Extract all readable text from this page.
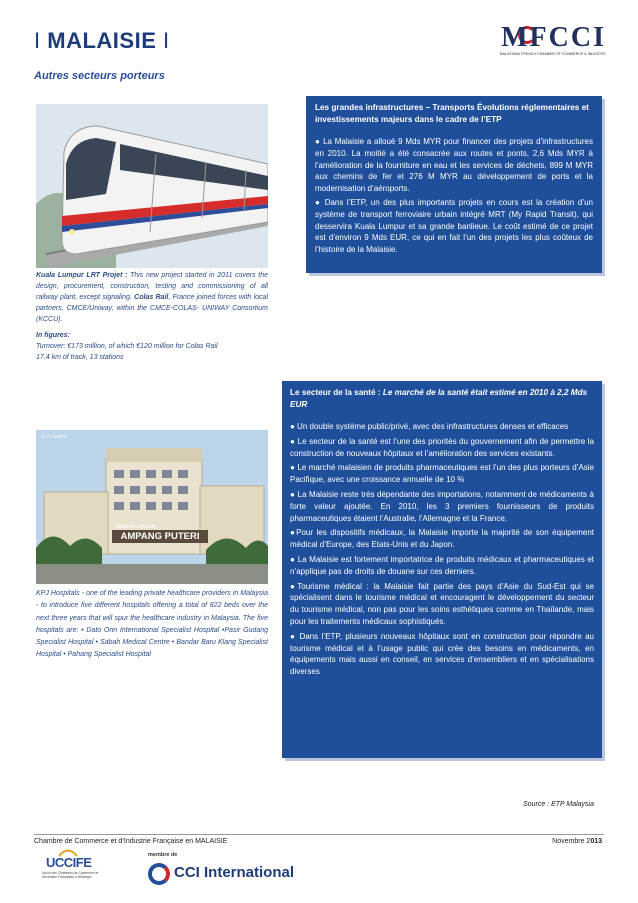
I MALAISIE I	MFCCI
MALAYSIAN FRENCH CHAMBER OF COMMERCE & INDUSTRY
Autres secteurs porteurs
Kuala Lumpur LRT Projet : This new project started in 2011 covers the design, procurement, construction, testing and commissioning of all railway plant, except signaling. Colas Rail, France joined forces with local partners, CMCE/Uniway, within the CMCE-COLAS- UNIWAY Consortium (KCCU).
In figures:
Turnover: €173 million, of which €120 million for Colas Rail
17.4 km of track, 13 stations
Les grandes infrastructures – Transports Évolutions réglementaires et investissements majeurs dans le cadre de l’ETP
● La Malaisie a alloué 9 Mds MYR pour financer des projets d’infrastructures en 2010. La moitié a été consacrée aux routes et ponts, 2,6 Mds MYR à l’amélioration de la fourniture en eau et les services de déchets, 899 M MYR aux chemins de fer et 276 M MYR au développement de ports et la modernisation d’aéroports.
● Dans l’ETP, un des plus importants projets en cours est la création d’un système de transport ferroviaire urbain intégré MRT (My Rapid Transit), qui desservira Kuala Lumpur et sa grande banlieue. Le coût estimé de ce projet est d’environ 9 Mds EUR, ce qui en fait l’un des projets les plus coûteux de l’histoire de la Malaisie.
© TV SMITH
HOSPITAL PAKAR
AMPANG PUTERI
KPJ Hospitals - one of the leading private healthcare providers in Malaysia - to introduce five different hospitals offering a total of 822 beds over the next three years that will spur the healthcare industry in Malaysia. The five hospitals are: • Dato Onn International Specialist Hospital •Pasir Gudang Specialist Hospital • Sabah Medical Centre • Bandar Baru Klang Specialist Hospital • Pahang Specialist Hospital
Le secteur de la santé : Le marché de la santé était estimé en 2010 à 2,2 Mds EUR
● Un double système public/privé, avec des infrastructures denses et efficaces
● Le secteur de la santé est l’une des priorités du gouvernement afin de permettre la construction de nouveaux hôpitaux et l’amélioration des services existants.
● Le marché malaisien de produits pharmaceutiques est l’un des plus porteurs d’Asie Pacifique, avec une croissance annuelle de 10 %
● La Malaisie reste très dépendante des importations, notamment de médicaments à forte valeur ajoutée. En 2010, les 3 premiers fournisseurs de produits pharmaceutiques étaient l’Australie, l’Allemagne et la France.
●Pour les dispositifs médicaux, la Malaisie importe la majorité de son équipement médical d’Europe, des Etats-Unis et du Japon.
● La Malaisie est fortement importatrice de produits médicaux et pharmaceutiques et n’applique pas de droits de douane sur ces derniers.
●Tourisme médical : la Malaisie fait partie des pays d’Asie du Sud-Est qui se spécialisent dans le tourisme médical et encouragent le développement du secteur du tourisme médical, non pas pour les soins esthétiques comme en Thaïlande, mais pour les traitements médicaux sophistiqués.
● Dans l’ETP, plusieurs nouveaux hôpitaux sont en construction pour répondre au tourisme médical et à l’usage public qui crée des besoins en médicaments, en équipements mais aussi en conseil, en services d’ensembliers et en spécialisations diverses
Source : ETP Malaysia
Chambre de Commerce et d’Industrie Française en MALAISIE	Novembre 2013
UCCIFE
Union des Chambres de Commerce et d'Industrie Françaises à l'Etranger
membre de
CCI International
